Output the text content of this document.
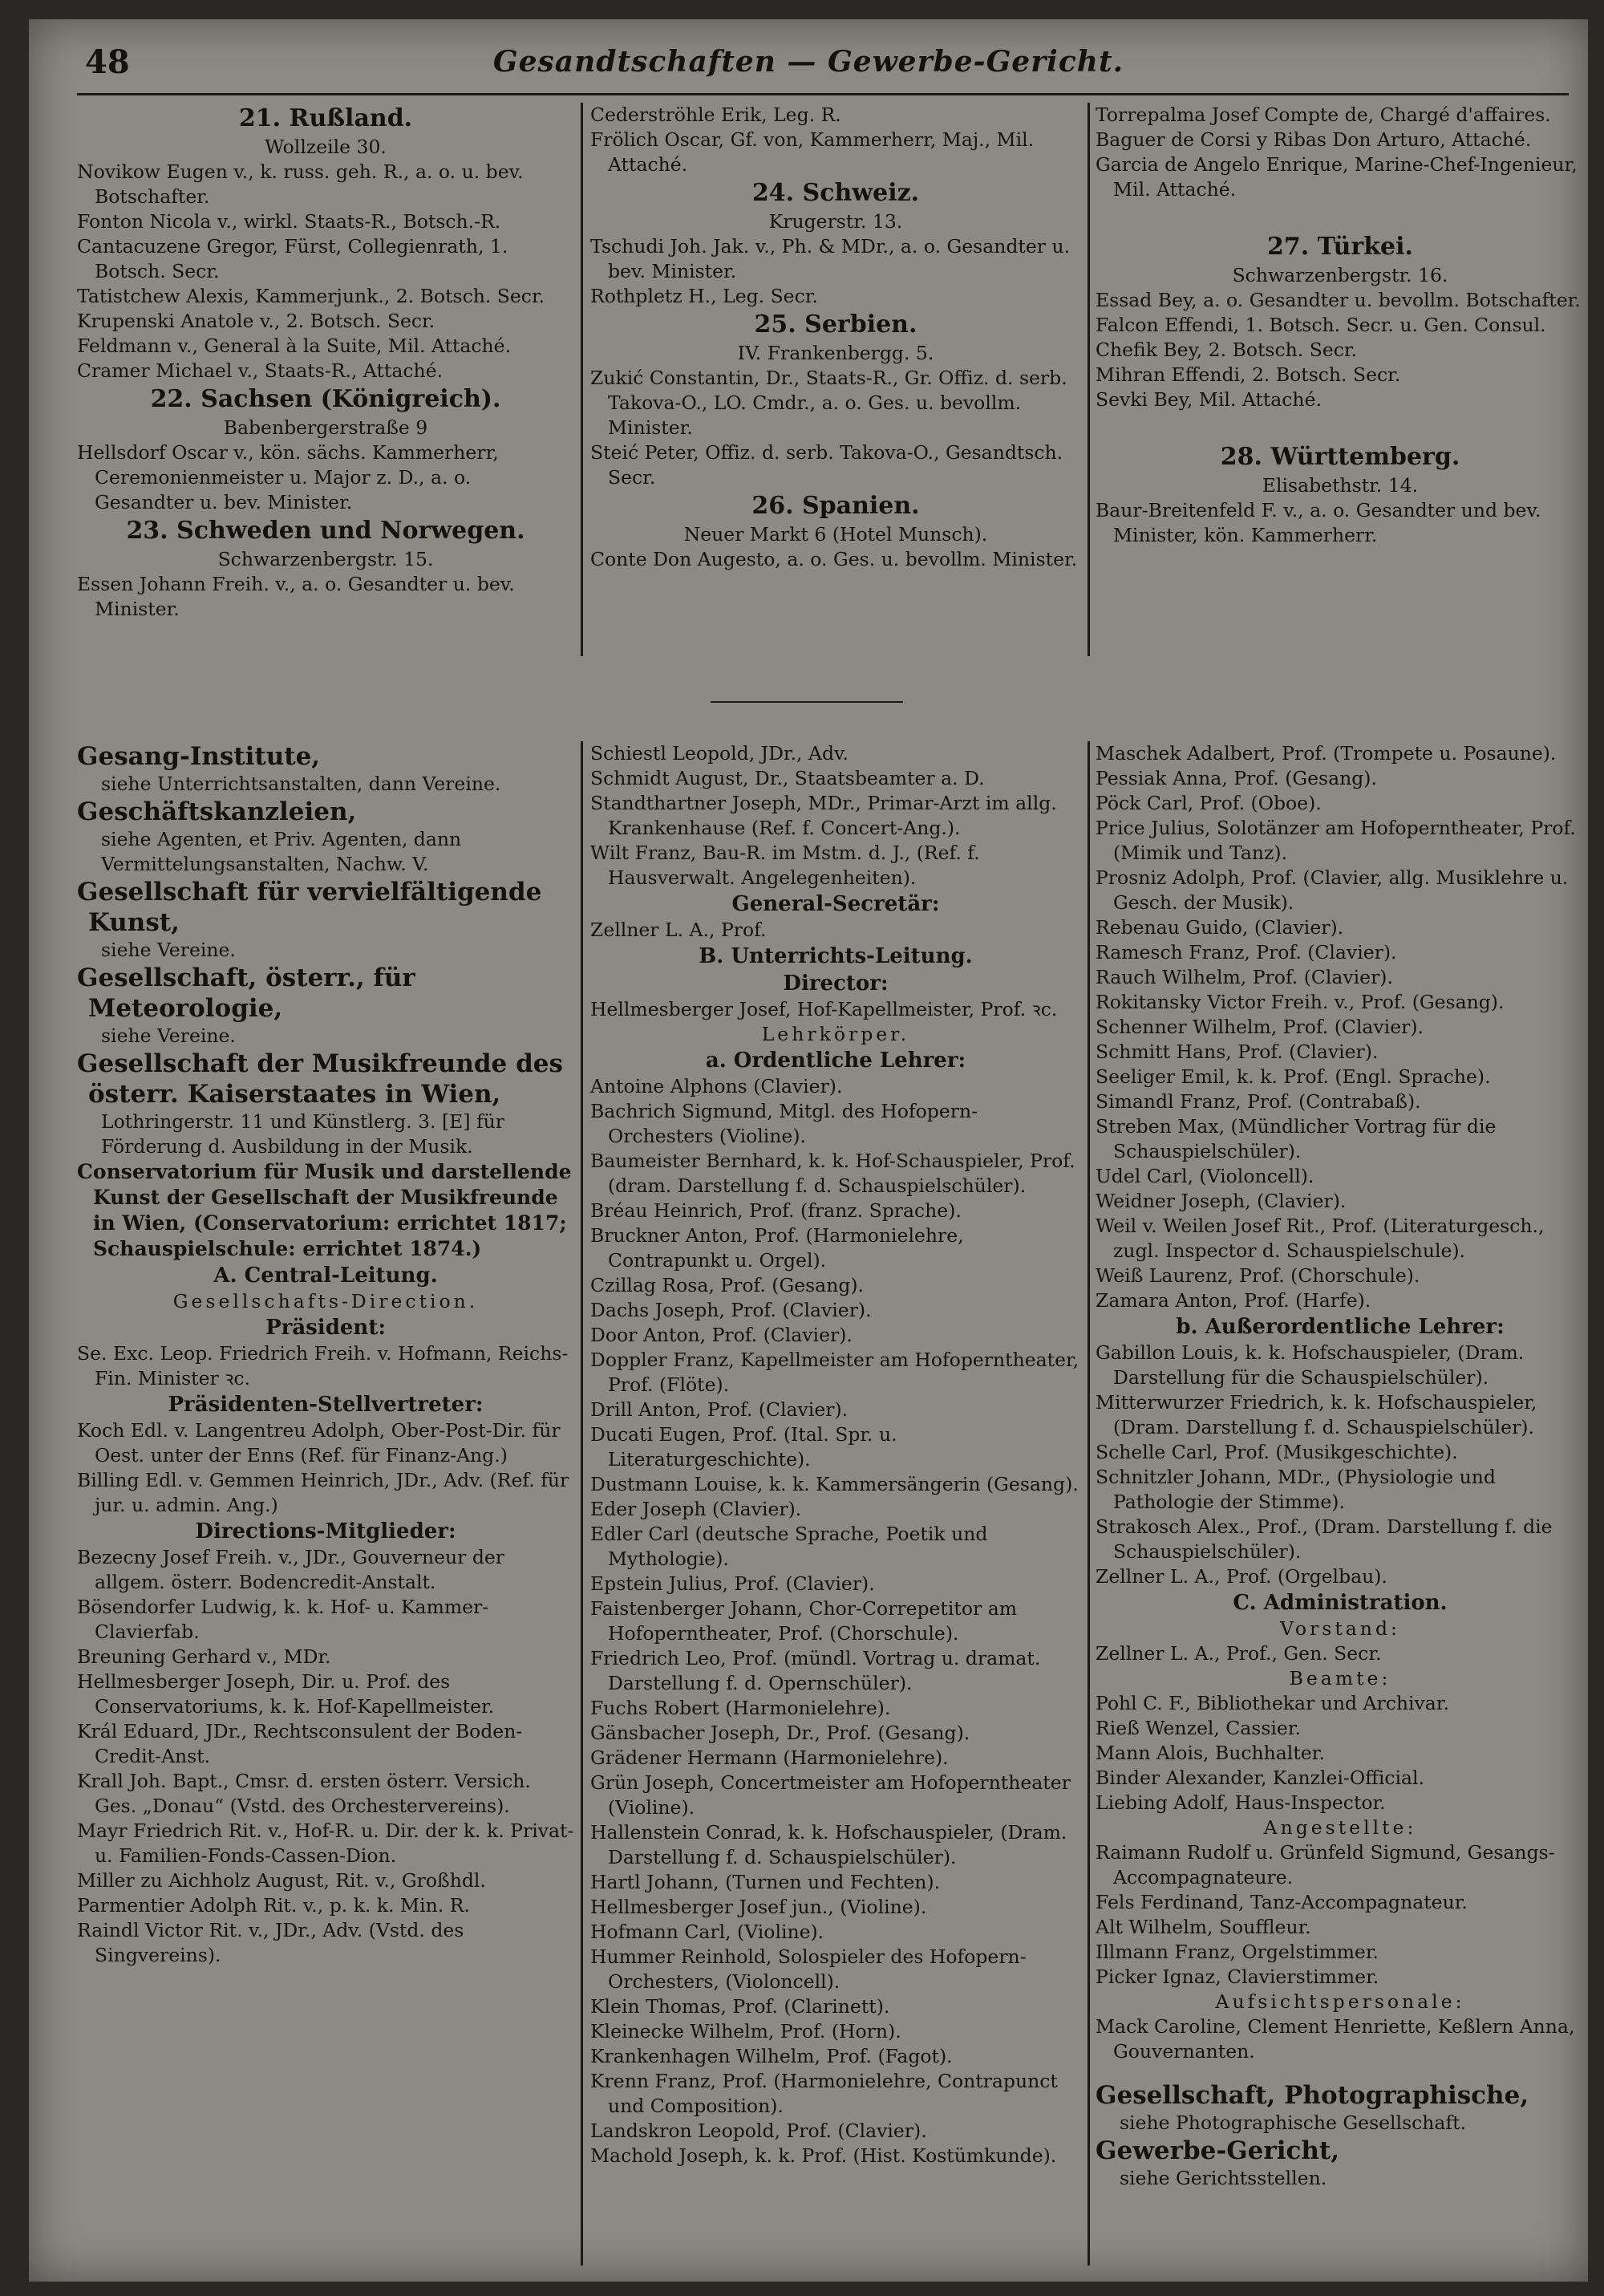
48	Gesandtschaften — Gewerbe-Gericht.
21. Rußland.
Wollzeile 30.
Novikow Eugen v., k. russ. geh. R., a. o. u. bev. Botschafter.
Fonton Nicola v., wirkl. Staats-R., Botsch.-R.
Cantacuzene Gregor, Fürst, Collegienrath, 1. Botsch. Secr.
Tatistchew Alexis, Kammerjunk., 2. Botsch. Secr.
Krupenski Anatole v., 2. Botsch. Secr.
Feldmann v., General à la Suite, Mil. Attaché.
Cramer Michael v., Staats-R., Attaché.
22. Sachsen (Königreich).
Babenbergerstraße 9
Hellsdorf Oscar v., kön. sächs. Kammerherr, Ceremonienmeister u. Major z. D., a. o. Gesandter u. bev. Minister.
23. Schweden und Norwegen.
Schwarzenbergstr. 15.
Essen Johann Freih. v., a. o. Gesandter u. bev. Minister.
Cederströhle Erik, Leg. R.
Frölich Oscar, Gf. von, Kammerherr, Maj., Mil. Attaché.
24. Schweiz.
Krugerstr. 13.
Tschudi Joh. Jak. v., Ph. & MDr., a. o. Gesandter u. bev. Minister.
Rothpletz H., Leg. Secr.
25. Serbien.
IV. Frankenbergg. 5.
Zukić Constantin, Dr., Staats-R., Gr. Offiz. d. serb. Takova-O., LO. Cmdr., a. o. Ges. u. bevollm. Minister.
Steić Peter, Offiz. d. serb. Takova-O., Gesandtsch. Secr.
26. Spanien.
Neuer Markt 6 (Hotel Munsch).
Conte Don Augesto, a. o. Ges. u. bevollm. Minister.
Torrepalma Josef Compte de, Chargé d'affaires.
Baguer de Corsi y Ribas Don Arturo, Attaché.
Garcia de Angelo Enrique, Marine-Chef-Ingenieur, Mil. Attaché.
27. Türkei.
Schwarzenbergstr. 16.
Essad Bey, a. o. Gesandter u. bevollm. Botschafter.
Falcon Effendi, 1. Botsch. Secr. u. Gen. Consul.
Chefik Bey, 2. Botsch. Secr.
Mihran Effendi, 2. Botsch. Secr.
Sevki Bey, Mil. Attaché.
28. Württemberg.
Elisabethstr. 14.
Baur-Breitenfeld F. v., a. o. Gesandter und bev. Minister, kön. Kammerherr.
Gesang-Institute,
siehe Unterrichtsanstalten, dann Vereine.
Geschäftskanzleien,
siehe Agenten, et Priv. Agenten, dann Vermittelungsanstalten, Nachw. V.
Gesellschaft für vervielfältigende Kunst,
siehe Vereine.
Gesellschaft, österr., für Meteorologie,
siehe Vereine.
Gesellschaft der Musikfreunde des österr. Kaiserstaates in Wien,
Lothringerstr. 11 und Künstlerg. 3. [E] für Förderung d. Ausbildung in der Musik.
Conservatorium für Musik und darstellende Kunst der Gesellschaft der Musikfreunde in Wien, (Conservatorium: errichtet 1817; Schauspielschule: errichtet 1874.)
A. Central-Leitung.
Gesellschafts-Direction.
Präsident:
Se. Exc. Leop. Friedrich Freih. v. Hofmann, Reichs-Fin. Minister ꝛc.
Präsidenten-Stellvertreter:
Koch Edl. v. Langentreu Adolph, Ober-Post-Dir. für Oest. unter der Enns (Ref. für Finanz-Ang.)
Billing Edl. v. Gemmen Heinrich, JDr., Adv. (Ref. für jur. u. admin. Ang.)
Directions-Mitglieder:
Bezecny Josef Freih. v., JDr., Gouverneur der allgem. österr. Bodencredit-Anstalt.
Bösendorfer Ludwig, k. k. Hof- u. Kammer-Clavierfab.
Breuning Gerhard v., MDr.
Hellmesberger Joseph, Dir. u. Prof. des Conservatoriums, k. k. Hof-Kapellmeister.
Král Eduard, JDr., Rechtsconsulent der Boden-Credit-Anst.
Krall Joh. Bapt., Cmsr. d. ersten österr. Versich. Ges. „Donau“ (Vstd. des Orchestervereins).
Mayr Friedrich Rit. v., Hof-R. u. Dir. der k. k. Privat- u. Familien-Fonds-Cassen-Dion.
Miller zu Aichholz August, Rit. v., Großhdl.
Parmentier Adolph Rit. v., p. k. k. Min. R.
Raindl Victor Rit. v., JDr., Adv. (Vstd. des Singvereins).
Schiestl Leopold, JDr., Adv.
Schmidt August, Dr., Staatsbeamter a. D.
Standthartner Joseph, MDr., Primar-Arzt im allg. Krankenhause (Ref. f. Concert-Ang.).
Wilt Franz, Bau-R. im Mstm. d. J., (Ref. f. Hausverwalt. Angelegenheiten).
General-Secretär:
Zellner L. A., Prof.
B. Unterrichts-Leitung.
Director:
Hellmesberger Josef, Hof-Kapellmeister, Prof. ꝛc.
Lehrkörper.
a. Ordentliche Lehrer:
Antoine Alphons (Clavier).
Bachrich Sigmund, Mitgl. des Hofopern-Orchesters (Violine).
Baumeister Bernhard, k. k. Hof-Schauspieler, Prof. (dram. Darstellung f. d. Schauspielschüler).
Bréau Heinrich, Prof. (franz. Sprache).
Bruckner Anton, Prof. (Harmonielehre, Contrapunkt u. Orgel).
Czillag Rosa, Prof. (Gesang).
Dachs Joseph, Prof. (Clavier).
Door Anton, Prof. (Clavier).
Doppler Franz, Kapellmeister am Hofoperntheater, Prof. (Flöte).
Drill Anton, Prof. (Clavier).
Ducati Eugen, Prof. (Ital. Spr. u. Literaturgeschichte).
Dustmann Louise, k. k. Kammersängerin (Gesang).
Eder Joseph (Clavier).
Edler Carl (deutsche Sprache, Poetik und Mythologie).
Epstein Julius, Prof. (Clavier).
Faistenberger Johann, Chor-Correpetitor am Hofoperntheater, Prof. (Chorschule).
Friedrich Leo, Prof. (mündl. Vortrag u. dramat. Darstellung f. d. Opernschüler).
Fuchs Robert (Harmonielehre).
Gänsbacher Joseph, Dr., Prof. (Gesang).
Grädener Hermann (Harmonielehre).
Grün Joseph, Concertmeister am Hofoperntheater (Violine).
Hallenstein Conrad, k. k. Hofschauspieler, (Dram. Darstellung f. d. Schauspielschüler).
Hartl Johann, (Turnen und Fechten).
Hellmesberger Josef jun., (Violine).
Hofmann Carl, (Violine).
Hummer Reinhold, Solospieler des Hofopern-Orchesters, (Violoncell).
Klein Thomas, Prof. (Clarinett).
Kleinecke Wilhelm, Prof. (Horn).
Krankenhagen Wilhelm, Prof. (Fagot).
Krenn Franz, Prof. (Harmonielehre, Contrapunct und Composition).
Landskron Leopold, Prof. (Clavier).
Machold Joseph, k. k. Prof. (Hist. Kostümkunde).
Maschek Adalbert, Prof. (Trompete u. Posaune).
Pessiak Anna, Prof. (Gesang).
Pöck Carl, Prof. (Oboe).
Price Julius, Solotänzer am Hofoperntheater, Prof. (Mimik und Tanz).
Prosniz Adolph, Prof. (Clavier, allg. Musiklehre u. Gesch. der Musik).
Rebenau Guido, (Clavier).
Ramesch Franz, Prof. (Clavier).
Rauch Wilhelm, Prof. (Clavier).
Rokitansky Victor Freih. v., Prof. (Gesang).
Schenner Wilhelm, Prof. (Clavier).
Schmitt Hans, Prof. (Clavier).
Seeliger Emil, k. k. Prof. (Engl. Sprache).
Simandl Franz, Prof. (Contrabaß).
Streben Max, (Mündlicher Vortrag für die Schauspielschüler).
Udel Carl, (Violoncell).
Weidner Joseph, (Clavier).
Weil v. Weilen Josef Rit., Prof. (Literaturgesch., zugl. Inspector d. Schauspielschule).
Weiß Laurenz, Prof. (Chorschule).
Zamara Anton, Prof. (Harfe).
b. Außerordentliche Lehrer:
Gabillon Louis, k. k. Hofschauspieler, (Dram. Darstellung für die Schauspielschüler).
Mitterwurzer Friedrich, k. k. Hofschauspieler, (Dram. Darstellung f. d. Schauspielschüler).
Schelle Carl, Prof. (Musikgeschichte).
Schnitzler Johann, MDr., (Physiologie und Pathologie der Stimme).
Strakosch Alex., Prof., (Dram. Darstellung f. die Schauspielschüler).
Zellner L. A., Prof. (Orgelbau).
C. Administration.
Vorstand:
Zellner L. A., Prof., Gen. Secr.
Beamte:
Pohl C. F., Bibliothekar und Archivar.
Rieß Wenzel, Cassier.
Mann Alois, Buchhalter.
Binder Alexander, Kanzlei-Official.
Liebing Adolf, Haus-Inspector.
Angestellte:
Raimann Rudolf u. Grünfeld Sigmund, Gesangs-Accompagnateure.
Fels Ferdinand, Tanz-Accompagnateur.
Alt Wilhelm, Souffleur.
Illmann Franz, Orgelstimmer.
Picker Ignaz, Clavierstimmer.
Aufsichtspersonale:
Mack Caroline, Clement Henriette, Keßlern Anna, Gouvernanten.
Gesellschaft, Photographische,
siehe Photographische Gesellschaft.
Gewerbe-Gericht,
siehe Gerichtsstellen.
